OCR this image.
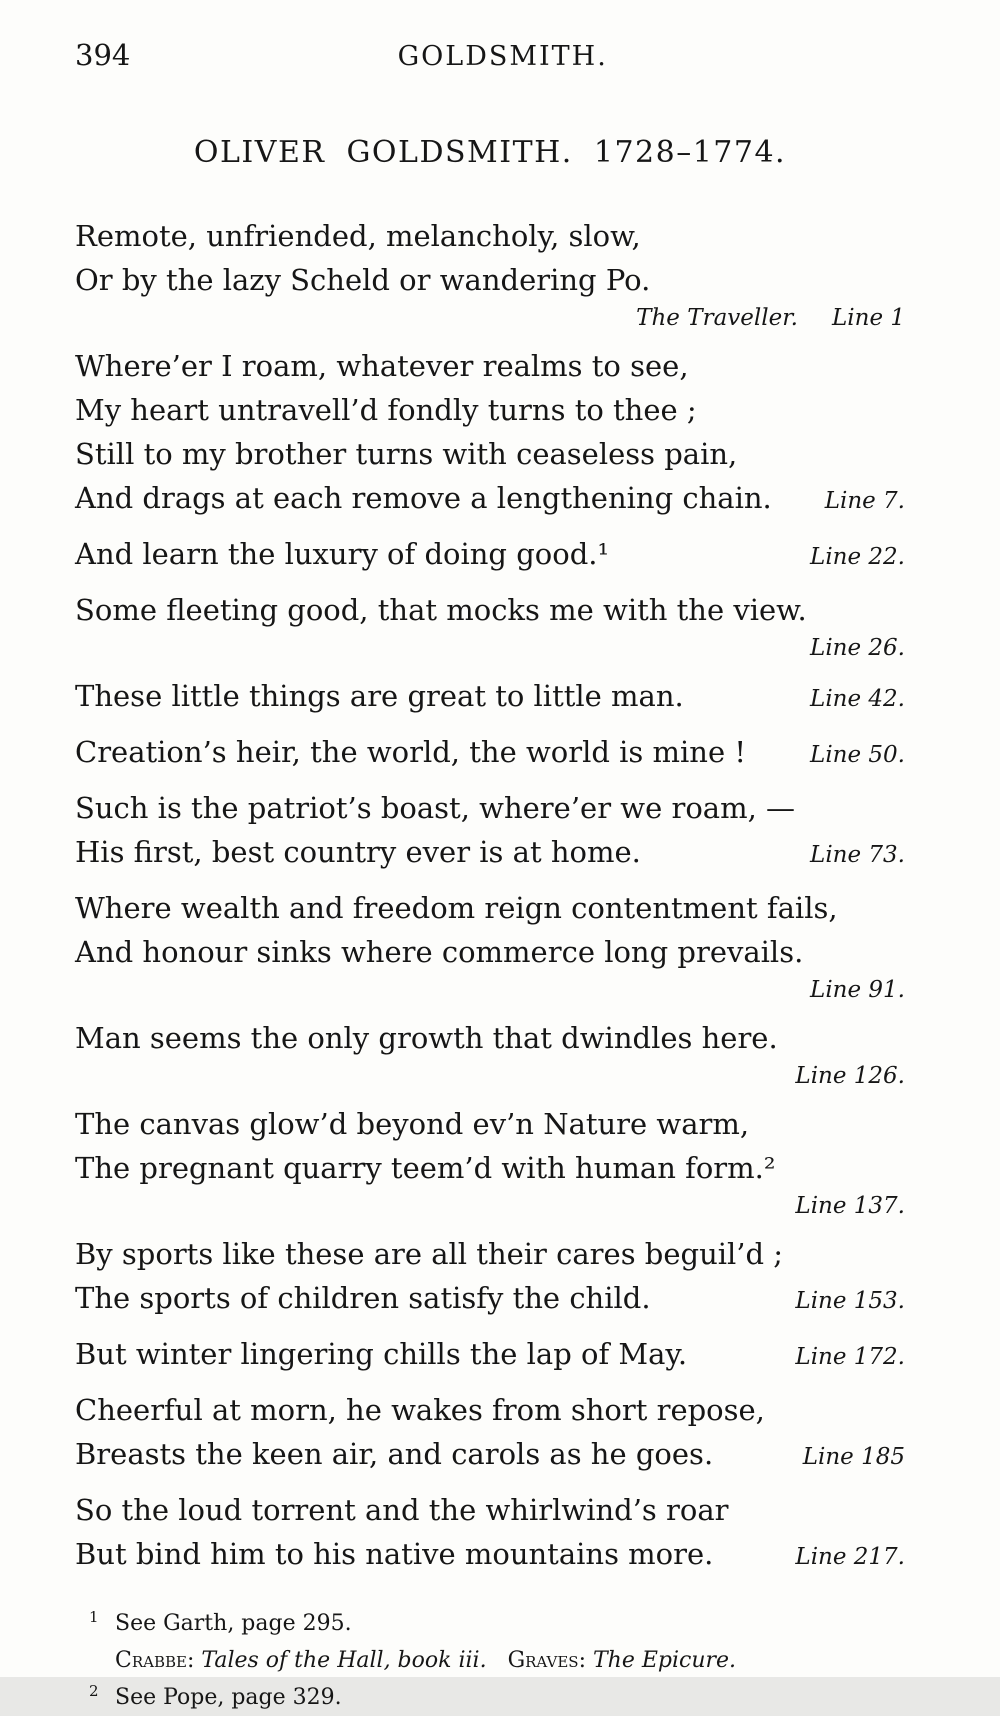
394	GOLDSMITH.
OLIVER GOLDSMITH. 1728–1774.
Remote, unfriended, melancholy, slow,
Or by the lazy Scheld or wandering Po.
The Traveller. Line 1
Where’er I roam, whatever realms to see,
My heart untravell’d fondly turns to thee ;
Still to my brother turns with ceaseless pain,
And drags at each remove a lengthening chain.	Line 7.
And learn the luxury of doing good.¹	Line 22.
Some fleeting good, that mocks me with the view.
Line 26.
These little things are great to little man.	Line 42.
Creation’s heir, the world, the world is mine !	Line 50.
Such is the patriot’s boast, where’er we roam, —
His first, best country ever is at home.	Line 73.
Where wealth and freedom reign contentment fails,
And honour sinks where commerce long prevails.
Line 91.
Man seems the only growth that dwindles here.
Line 126.
The canvas glow’d beyond ev’n Nature warm,
The pregnant quarry teem’d with human form.²
Line 137.
By sports like these are all their cares beguil’d ;
The sports of children satisfy the child.	Line 153.
But winter lingering chills the lap of May.	Line 172.
Cheerful at morn, he wakes from short repose,
Breasts the keen air, and carols as he goes.	Line 185
So the loud torrent and the whirlwind’s roar
But bind him to his native mountains more.	Line 217.
$^1$ See Garth, page 295.
Crabbe: Tales of the Hall, book iii. Graves: The Epicure.
$^2$ See Pope, page 329.
